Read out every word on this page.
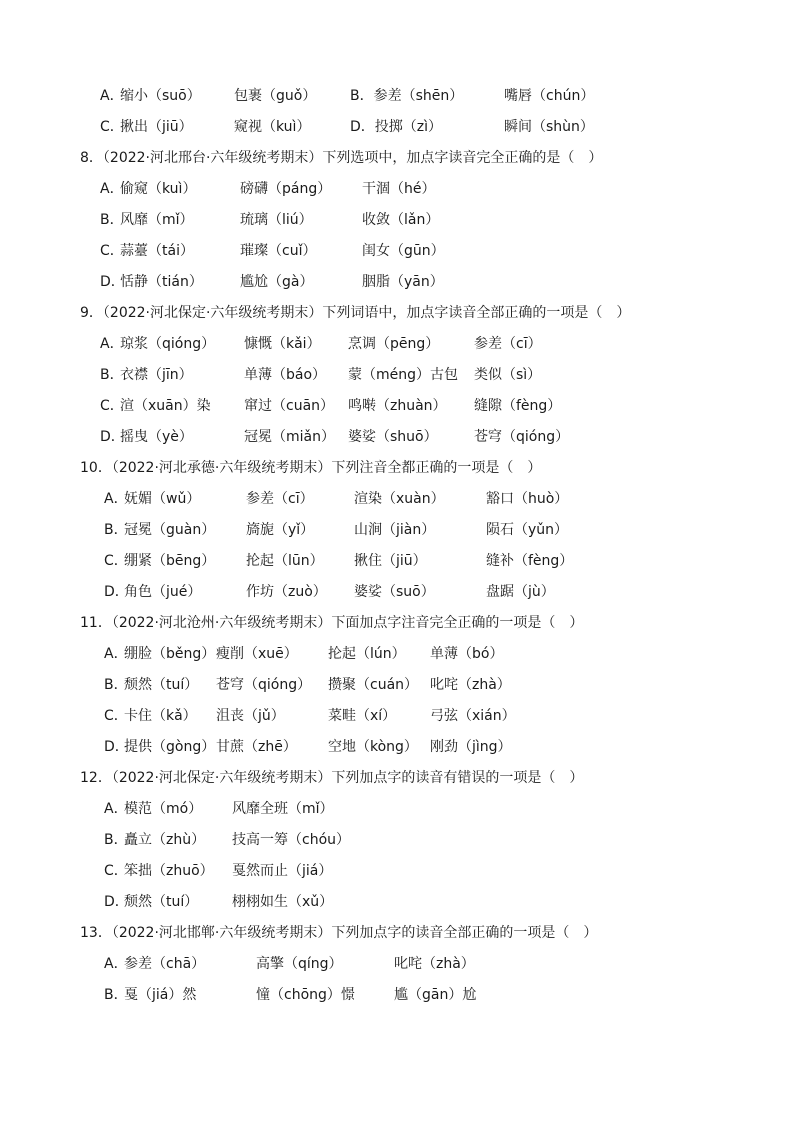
A．
缩小（suō） 包裹（guǒ） B．参差（shēn）	嘴唇（chún）
C．
揪出（jiū）	窥视（kuì）	D．投掷（zì）	瞬间（shùn）
8．（2022·河北邢台·六年级统考期末）下列选项中，加点字读音完全正确的是（　）
A．
偷窥（kuì）	磅礴（páng） 干涸（hé）
B．
风靡（mǐ）	琉璃（liú）	收敛（lǎn）
C．
蒜薹（tái）	璀璨（cuǐ）	闺女（gūn）
D．
恬静（tián）	尴尬（gà）	胭脂（yān）
9．（2022·河北保定·六年级统考期末）下列词语中，加点字读音全部正确的一项是（　）
A．
琼浆（qióng） 慷慨（kǎi） 烹调（pēng） 参差（cī）
B．
衣襟（jīn）	单薄（báo） 蒙（méng）古包 类似（sì）
C．
渲（xuān）染 窜过（cuān） 鸣啭（zhuàn） 缝隙（fèng）
D．
摇曳（yè）	冠冕（miǎn） 婆娑（shuō）	苍穹（qióng）
10．（2022·河北承德·六年级统考期末）下列注音全都正确的一项是（　）
A．
妩媚（wǔ）	参差（cī）	渲染（xuàn）	豁口（huò）
B．
冠冕（guàn） 旖旎（yǐ）	山涧（jiàn）	陨石（yǔn）
C．
绷紧（bēng） 抡起（lūn） 揪住（jiū）	缝补（fèng）
D．
角色（jué）	作坊（zuò） 婆娑（suō）	盘踞（jù）
11．（2022·河北沧州·六年级统考期末）下面加点字注音完全正确的一项是（　）
A．
绷脸（běng） 瘦削（xuē） 抡起（lún） 单薄（bó）
B．
颓然（tuí） 苍穹（qióng） 攒聚（cuán） 叱咤（zhà）
C．
卡住（kǎ） 沮丧（jǔ）	菜畦（xí） 弓弦（xián）
D．
提供（gòng） 甘蔗（zhē） 空地（kòng） 刚劲（jìng）
12．（2022·河北保定·六年级统考期末）下列加点字的读音有错误的一项是（　）
A．
模范（mó） 风靡全班（mǐ）
B．
矗立（zhù） 技高一筹（chóu）
C．
笨拙（zhuō） 戛然而止（jiá）
D．
颓然（tuí） 栩栩如生（xǔ）
13．（2022·河北邯郸·六年级统考期末）下列加点字的读音全部正确的一项是（　）
A．
参差（chā）	高擎（qíng）	叱咤（zhà）
B．
戛（jiá）然	憧（chōng）憬	尴（gān）尬
